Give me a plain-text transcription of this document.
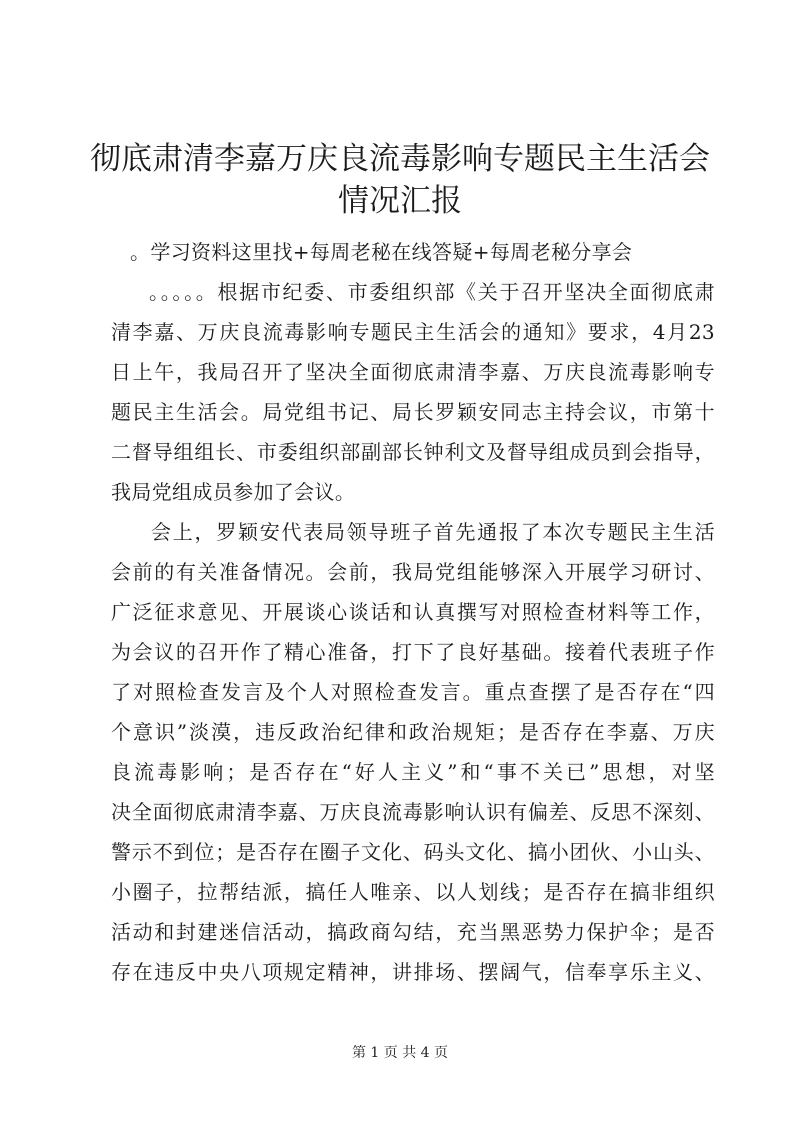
彻底肃清李嘉万庆良流毒影响专题民主生活会
情况汇报

。学习资料这里找+每周老秘在线答疑+每周老秘分享会

。。。。。根据市纪委、市委组织部《关于召开坚决全面彻底肃
清李嘉、万庆良流毒影响专题民主生活会的通知》要求，4月23
日上午，我局召开了坚决全面彻底肃清李嘉、万庆良流毒影响专
题民主生活会。局党组书记、局长罗颖安同志主持会议，市第十
二督导组组长、市委组织部副部长钟利文及督导组成员到会指导，
我局党组成员参加了会议。
会上，罗颖安代表局领导班子首先通报了本次专题民主生活
会前的有关准备情况。会前，我局党组能够深入开展学习研讨、
广泛征求意见、开展谈心谈话和认真撰写对照检查材料等工作，
为会议的召开作了精心准备，打下了良好基础。接着代表班子作
了对照检查发言及个人对照检查发言。重点查摆了是否存在“四
个意识”淡漠，违反政治纪律和政治规矩；是否存在李嘉、万庆
良流毒影响；是否存在“好人主义”和“事不关已”思想，对坚
决全面彻底肃清李嘉、万庆良流毒影响认识有偏差、反思不深刻、
警示不到位；是否存在圈子文化、码头文化、搞小团伙、小山头、
小圈子，拉帮结派，搞任人唯亲、以人划线；是否存在搞非组织
活动和封建迷信活动，搞政商勾结，充当黑恶势力保护伞；是否
存在违反中央八项规定精神，讲排场、摆阔气，信奉享乐主义、
第 1 页 共 4 页
